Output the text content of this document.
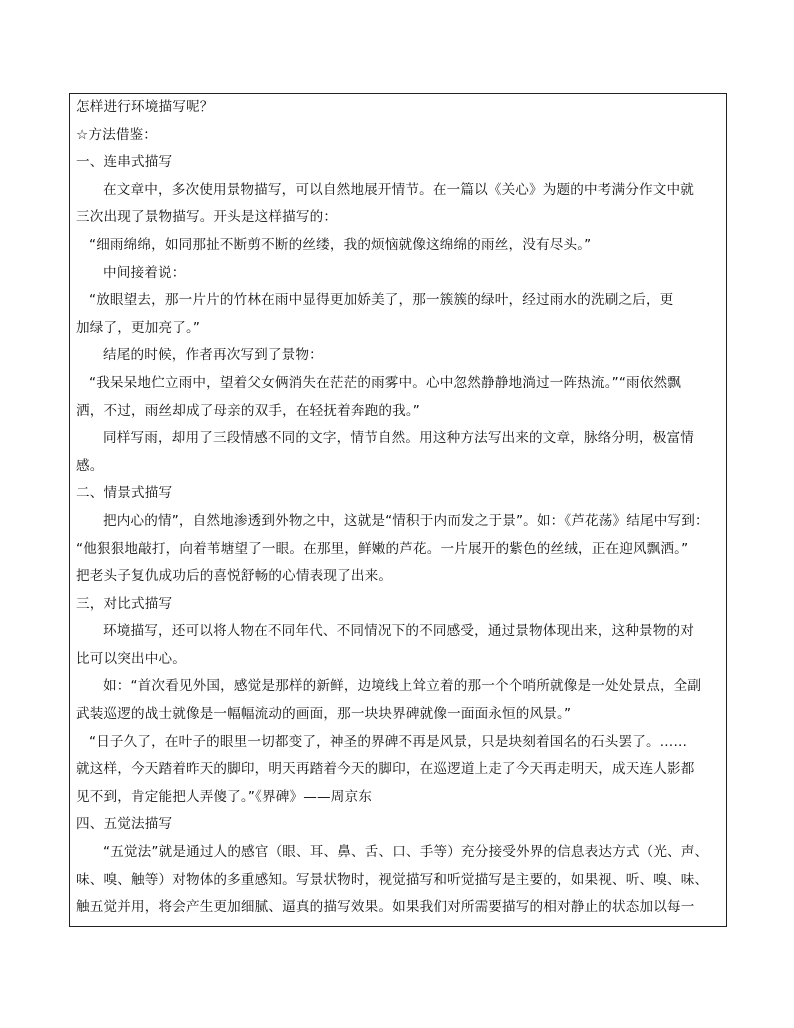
怎样进行环境描写呢？
☆方法借鉴：
一、连串式描写
在文章中，多次使用景物描写，可以自然地展开情节。在一篇以《关心》为题的中考满分作文中就
三次出现了景物描写。开头是这样描写的：
“细雨绵绵，如同那扯不断剪不断的丝缕，我的烦恼就像这绵绵的雨丝，没有尽头。”
中间接着说：
“放眼望去，那一片片的竹林在雨中显得更加娇美了，那一簇簇的绿叶，经过雨水的洗刷之后，更
加绿了，更加亮了。”
结尾的时候，作者再次写到了景物：
“我呆呆地伫立雨中，望着父女俩消失在茫茫的雨雾中。心中忽然静静地淌过一阵热流。”“雨依然飘
洒，不过，雨丝却成了母亲的双手，在轻抚着奔跑的我。”
同样写雨，却用了三段情感不同的文字，情节自然。用这种方法写出来的文章，脉络分明，极富情
感。
二、情景式描写
把内心的情”，自然地渗透到外物之中，这就是“情积于内而发之于景”。如：《芦花荡》结尾中写到：
“他狠狠地敲打，向着苇塘望了一眼。在那里，鲜嫩的芦花。一片展开的紫色的丝绒，正在迎风飘洒。”
把老头子复仇成功后的喜悦舒畅的心情表现了出来。
三，对比式描写
环境描写，还可以将人物在不同年代、不同情况下的不同感受，通过景物体现出来，这种景物的对
比可以突出中心。
如：“首次看见外国，感觉是那样的新鲜，边境线上耸立着的那一个个哨所就像是一处处景点，全副
武装巡逻的战士就像是一幅幅流动的画面，那一块块界碑就像一面面永恒的风景。”
“日子久了，在叶子的眼里一切都变了，神圣的界碑不再是风景，只是块刻着国名的石头罢了。……
就这样，今天踏着昨天的脚印，明天再踏着今天的脚印，在巡逻道上走了今天再走明天，成天连人影都
见不到，肯定能把人弄傻了。”《界碑》——周京东
四、五觉法描写
“五觉法”就是通过人的感官（眼、耳、鼻、舌、口、手等）充分接受外界的信息表达方式（光、声、
味、嗅、触等）对物体的多重感知。写景状物时，视觉描写和听觉描写是主要的，如果视、听、嗅、味、
触五觉并用，将会产生更加细腻、逼真的描写效果。如果我们对所需要描写的相对静止的状态加以每一
